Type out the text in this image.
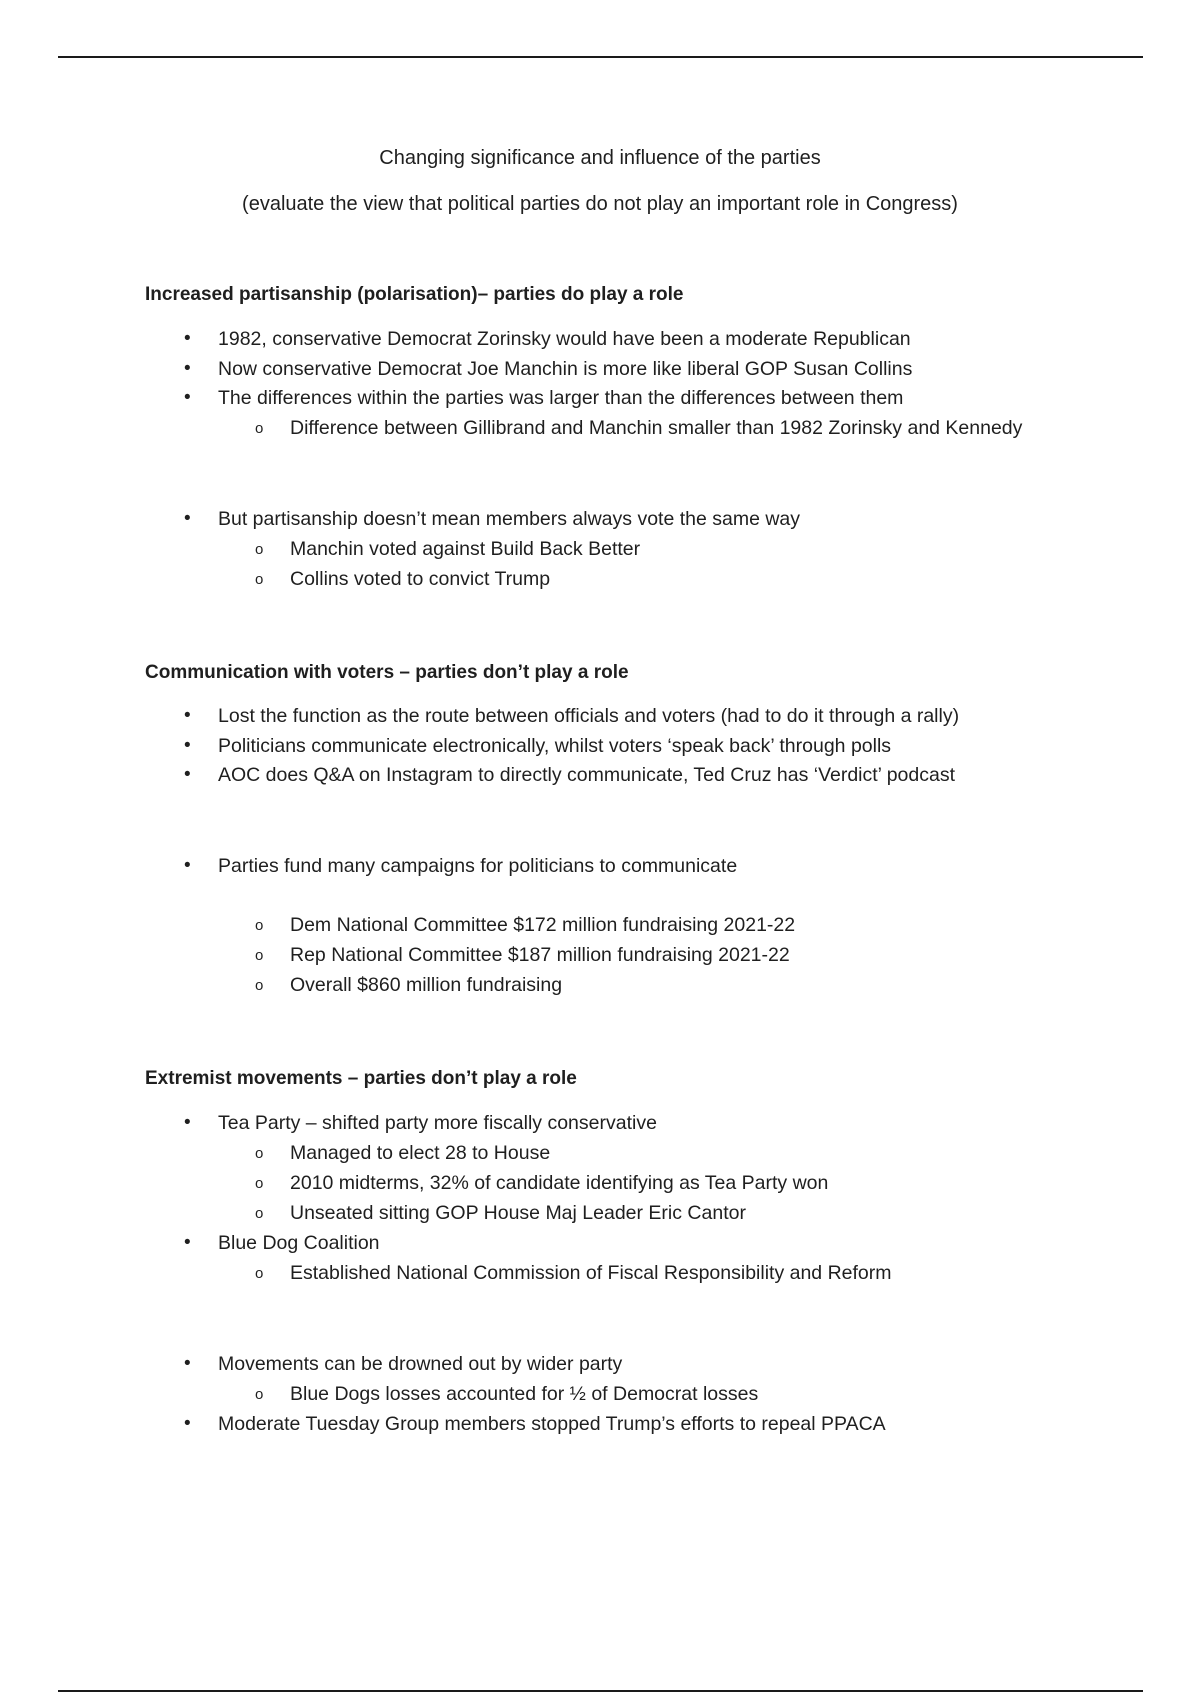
Changing significance and influence of the parties
(evaluate the view that political parties do not play an important role in Congress)
Increased partisanship (polarisation)– parties do play a role
• 1982, conservative Democrat Zorinsky would have been a moderate Republican
• Now conservative Democrat Joe Manchin is more like liberal GOP Susan Collins
• The differences within the parties was larger than the differences between them
o Difference between Gillibrand and Manchin smaller than 1982 Zorinsky and Kennedy
• But partisanship doesn’t mean members always vote the same way
o Manchin voted against Build Back Better
o Collins voted to convict Trump
Communication with voters – parties don’t play a role
• Lost the function as the route between officials and voters (had to do it through a rally)
• Politicians communicate electronically, whilst voters ‘speak back’ through polls
• AOC does Q&A on Instagram to directly communicate, Ted Cruz has ‘Verdict’ podcast
• Parties fund many campaigns for politicians to communicate
o Dem National Committee $172 million fundraising 2021-22
o Rep National Committee $187 million fundraising 2021-22
o Overall $860 million fundraising
Extremist movements – parties don’t play a role
• Tea Party – shifted party more fiscally conservative
o Managed to elect 28 to House
o 2010 midterms, 32% of candidate identifying as Tea Party won
o Unseated sitting GOP House Maj Leader Eric Cantor
• Blue Dog Coalition
o Established National Commission of Fiscal Responsibility and Reform
• Movements can be drowned out by wider party
o Blue Dogs losses accounted for ½ of Democrat losses
• Moderate Tuesday Group members stopped Trump’s efforts to repeal PPACA
